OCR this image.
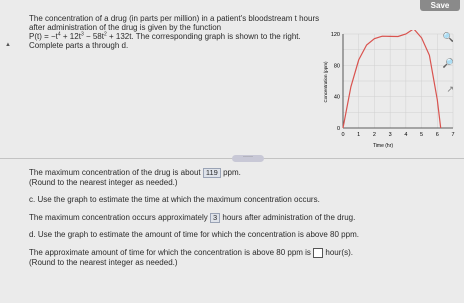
Save
▲
The concentration of a drug (in parts per million) in a patient's bloodstream t hours after administration of the drug is given by the function
$P(t) = -t^4 + 12t^3 - 58t^2 + 132t$. The corresponding graph is shown to the right.
Complete parts a through d.
120
80
40
0
0 1 2 3 4 5 6 7
Concentration (ppm)
Time (hr)
🔍
🔎
↗
·····

The maximum concentration of the drug is about 119 ppm.

(Round to the nearest integer as needed.)

c. Use the graph to estimate the time at which the maximum concentration occurs.

The maximum concentration occurs approximately 3 hours after administration of the drug.

d. Use the graph to estimate the amount of time for which the concentration is above 80 ppm.

The approximate amount of time for which the concentration is above 80 ppm is hour(s).

(Round to the nearest integer as needed.)
